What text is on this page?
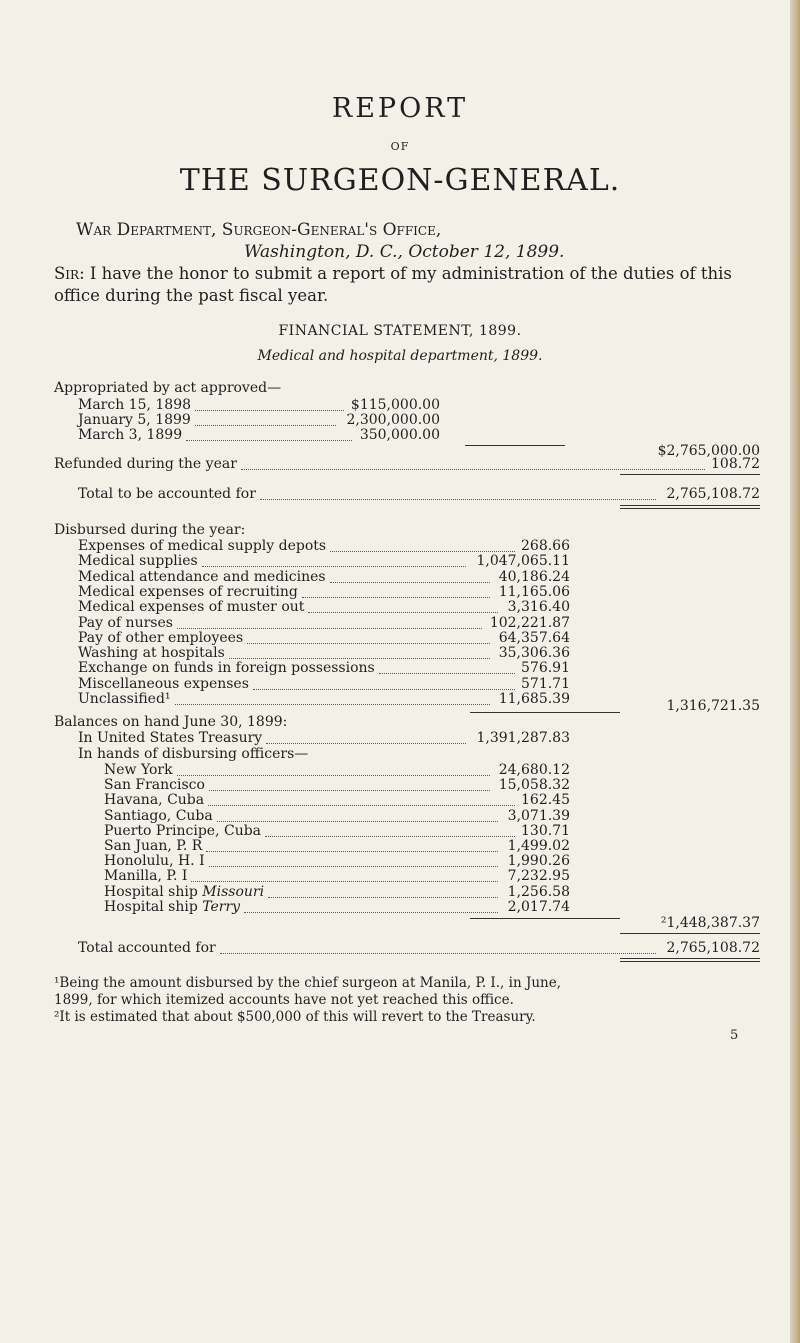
REPORT
OF
THE SURGEON-GENERAL.
War Department, Surgeon-General's Office,
Washington, D. C., October 12, 1899.
Sir: I have the honor to submit a report of my administration of the duties of this office during the past fiscal year.
FINANCIAL STATEMENT, 1899.
Medical and hospital department, 1899.
Appropriated by act approved—
March 15, 1898	$115,000.00
January 5, 1899	2,300,000.00
March 3, 1899	350,000.00
$2,765,000.00
Refunded during the year	108.72
Total to be accounted for	2,765,108.72
Disbursed during the year:
Expenses of medical supply depots	268.66
Medical supplies	1,047,065.11
Medical attendance and medicines	40,186.24
Medical expenses of recruiting	11,165.06
Medical expenses of muster out	3,316.40
Pay of nurses	102,221.87
Pay of other employees	64,357.64
Washing at hospitals	35,306.36
Exchange on funds in foreign possessions	576.91
Miscellaneous expenses	571.71
Unclassified¹	11,685.39	1,316,721.35
Balances on hand June 30, 1899:
In United States Treasury	1,391,287.83
In hands of disbursing officers—
New York	24,680.12
San Francisco	15,058.32
Havana, Cuba	162.45
Santiago, Cuba	3,071.39
Puerto Principe, Cuba	130.71
San Juan, P. R	1,499.02
Honolulu, H. I	1,990.26
Manilla, P. I	7,232.95
Hospital ship Missouri	1,256.58
Hospital ship Terry	2,017.74
²1,448,387.37
Total accounted for	2,765,108.72
¹Being the amount disbursed by the chief surgeon at Manila, P. I., in June,
1899, for which itemized accounts have not yet reached this office.
²It is estimated that about $500,000 of this will revert to the Treasury.
5
